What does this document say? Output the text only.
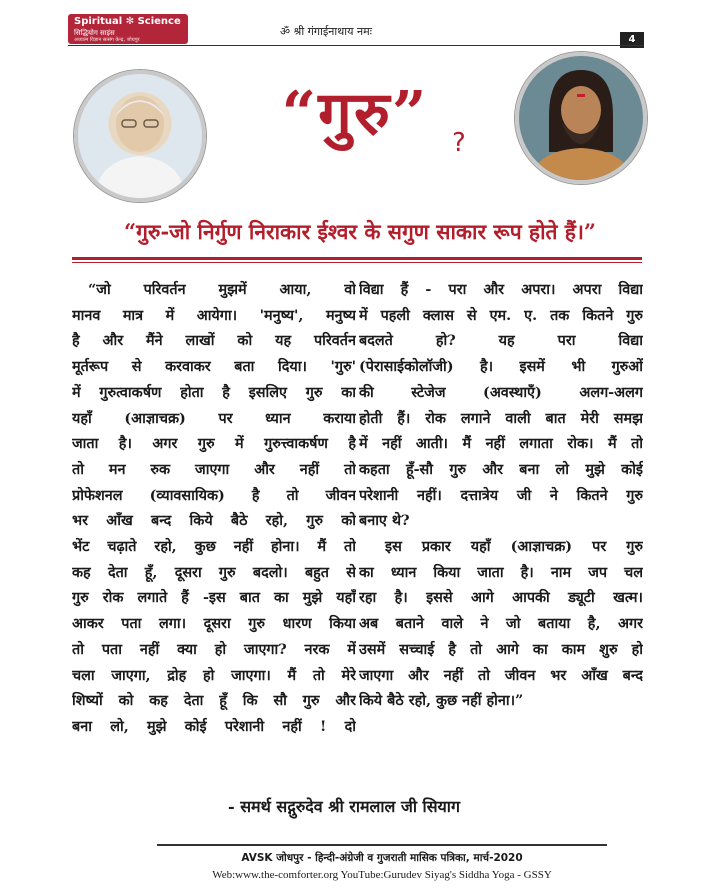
Spiritual ✻ Science
सिद्धियोग साइंस
अध्यात्म विज्ञान सत्संग केन्द्र, जोधपुर
ॐ श्री गंगाईनाथाय नमः
4
“गुरु” ?
“गुरु-जो निर्गुण निराकार ईश्वर के सगुण साकार रूप होते हैं।”
“जो परिवर्तन मुझमें आया, वो
मानव मात्र में आयेगा। 'मनुष्य', मनुष्य
है और मैंने लाखों को यह परिवर्तन
मूर्तरूप से करवाकर बता दिया। 'गुरु'
में गुरुत्वाकर्षण होता है इसलिए गुरु का
यहाँ (आज्ञाचक्र) पर ध्यान कराया
जाता है। अगर गुरु में गुरुत्त्वाकर्षण है
तो मन रुक जाएगा और नहीं तो
प्रोफेशनल (व्यावसायिक) है तो जीवन
भर आँख बन्द किये बैठे रहो, गुरु को
भेंट चढ़ाते रहो, कुछ नहीं होना। मैं तो
कह देता हूँ, दूसरा गुरु बदलो। बहुत से
गुरु रोक लगाते हैं -इस बात का मुझे यहाँ
आकर पता लगा। दूसरा गुरु धारण किया
तो पता नहीं क्या हो जाएगा? नरक में
चला जाएगा, द्रोह हो जाएगा। मैं तो मेरे
शिष्यों को कह देता हूँ कि सौ गुरु और
बना लो, मुझे कोई परेशानी नहीं ! दो
विद्या हैं - परा और अपरा। अपरा विद्या
में पहली क्लास से एम. ए. तक कितने गुरु
बदलते हो? यह परा विद्या
(पेरासाईकोलॉजी) है। इसमें भी गुरुओं
की स्टेजेज (अवस्थाएँ) अलग-अलग
होती हैं। रोक लगाने वाली बात मेरी समझ
में नहीं आती। मैं नहीं लगाता रोक। मैं तो
कहता हूँ-सौ गुरु और बना लो मुझे कोई
परेशानी नहीं। दत्तात्रेय जी ने कितने गुरु
बनाए थे?
इस प्रकार यहाँ (आज्ञाचक्र) पर गुरु
का ध्यान किया जाता है। नाम जप चल
रहा है। इससे आगे आपकी ड्यूटी खत्म।
अब बताने वाले ने जो बताया है, अगर
उसमें सच्चाई है तो आगे का काम शुरु हो
जाएगा और नहीं तो जीवन भर आँख बन्द
किये बैठे रहो, कुछ नहीं होना।”
- समर्थ सद्गुरुदेव श्री रामलाल जी सियाग
AVSK जोधपुर - हिन्दी-अंग्रेजी व गुजराती मासिक पत्रिका, मार्च-2020
Web:www.the-comforter.org YouTube:Gurudev Siyag's Siddha Yoga - GSSY
